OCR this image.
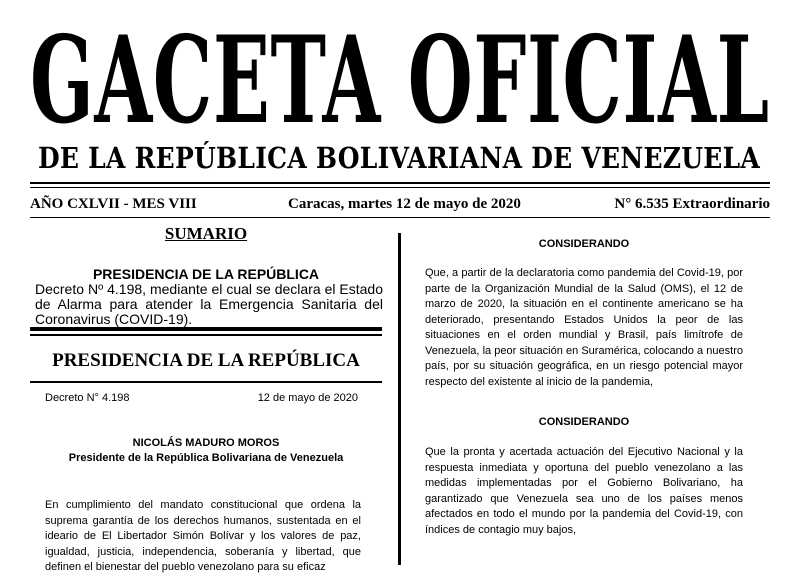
GACETA OFICIAL
DE LA REPÚBLICA BOLIVARIANA DE VENEZUELA
AÑO CXLVII - MES VIII	Caracas, martes 12 de mayo de 2020	N° 6.535 Extraordinario
SUMARIO
PRESIDENCIA DE LA REPÚBLICA
Decreto Nº 4.198, mediante el cual se declara el Estado de Alarma para atender la Emergencia Sanitaria del Coronavirus (COVID-19).
PRESIDENCIA DE LA REPÚBLICA
Decreto N° 4.198	12 de mayo de 2020
NICOLÁS MADURO MOROS
Presidente de la República Bolivariana de Venezuela
En cumplimiento del mandato constitucional que ordena la suprema garantía de los derechos humanos, sustentada en el ideario de El Libertador Simón Bolívar y los valores de paz, igualdad, justicia, independencia, soberanía y libertad, que definen el bienestar del pueblo venezolano para su eficaz
CONSIDERANDO
Que, a partir de la declaratoria como pandemia del Covid-19, por parte de la Organización Mundial de la Salud (OMS), el 12 de marzo de 2020, la situación en el continente americano se ha deteriorado, presentando Estados Unidos la peor de las situaciones en el orden mundial y Brasil, país limítrofe de Venezuela, la peor situación en Suramérica, colocando a nuestro país, por su situación geográfica, en un riesgo potencial mayor respecto del existente al inicio de la pandemia,
CONSIDERANDO
Que la pronta y acertada actuación del Ejecutivo Nacional y la respuesta inmediata y oportuna del pueblo venezolano a las medidas implementadas por el Gobierno Bolivariano, ha garantizado que Venezuela sea uno de los países menos afectados en todo el mundo por la pandemia del Covid-19, con índices de contagio muy bajos,
